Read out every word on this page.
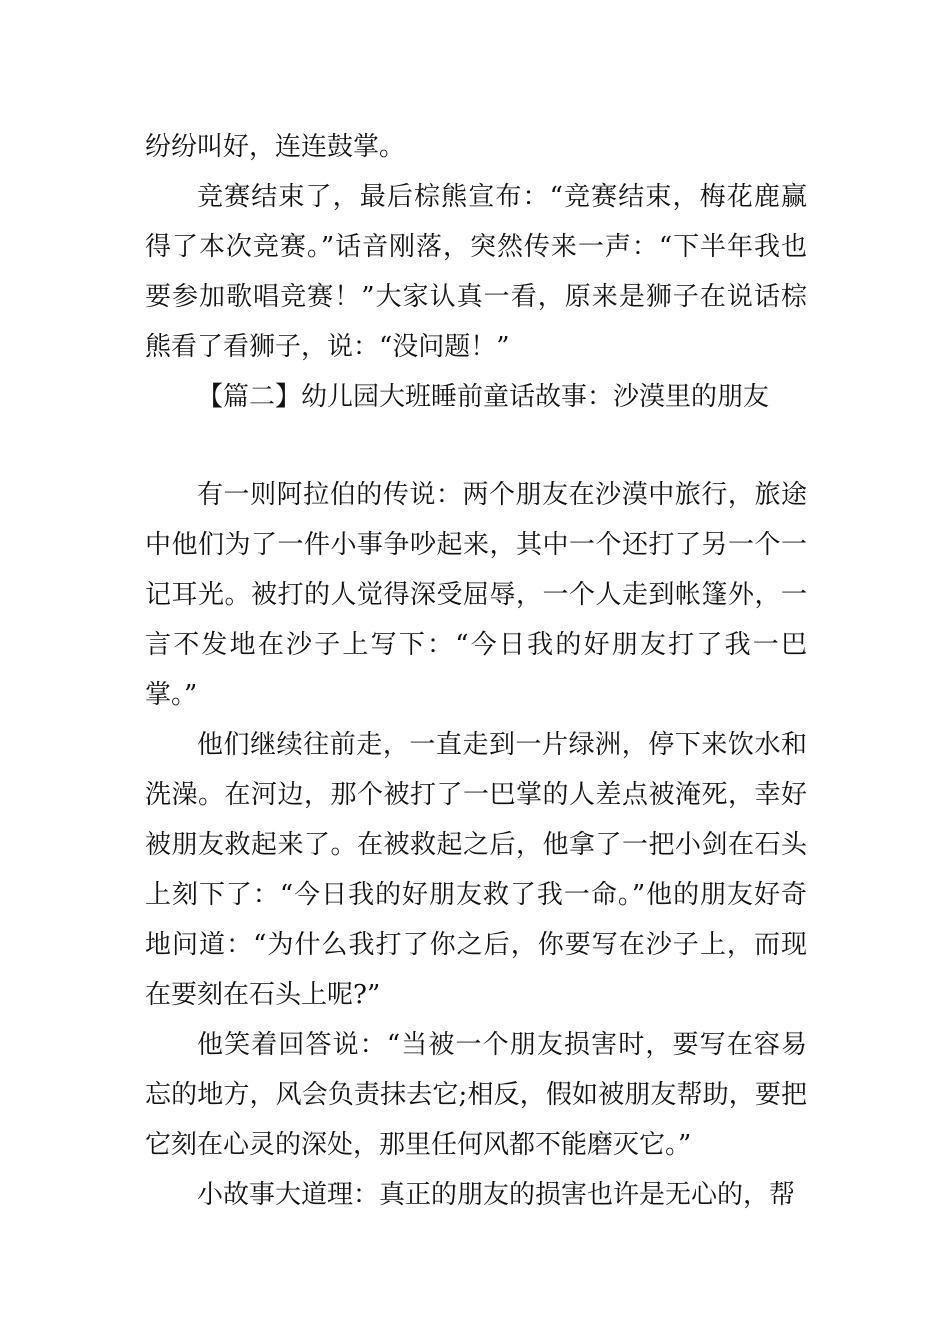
纷纷叫好，连连鼓掌。

竞赛结束了，最后棕熊宣布：“竞赛结束，梅花鹿赢得了本次竞赛。”话音刚落，突然传来一声：“下半年我也要参加歌唱竞赛！”大家认真一看，原来是狮子在说话棕熊看了看狮子，说：“没问题！”

【篇二】幼儿园大班睡前童话故事：沙漠里的朋友

有一则阿拉伯的传说：两个朋友在沙漠中旅行，旅途中他们为了一件小事争吵起来，其中一个还打了另一个一记耳光。被打的人觉得深受屈辱，一个人走到帐篷外，一言不发地在沙子上写下：“今日我的好朋友打了我一巴掌。”

他们继续往前走，一直走到一片绿洲，停下来饮水和洗澡。在河边，那个被打了一巴掌的人差点被淹死，幸好被朋友救起来了。在被救起之后，他拿了一把小剑在石头上刻下了：“今日我的好朋友救了我一命。”他的朋友好奇地问道：“为什么我打了你之后，你要写在沙子上，而现在要刻在石头上呢?”

他笑着回答说：“当被一个朋友损害时，要写在容易忘的地方，风会负责抹去它;相反，假如被朋友帮助，要把它刻在心灵的深处，那里任何风都不能磨灭它。”

小故事大道理：真正的朋友的损害也许是无心的，帮
